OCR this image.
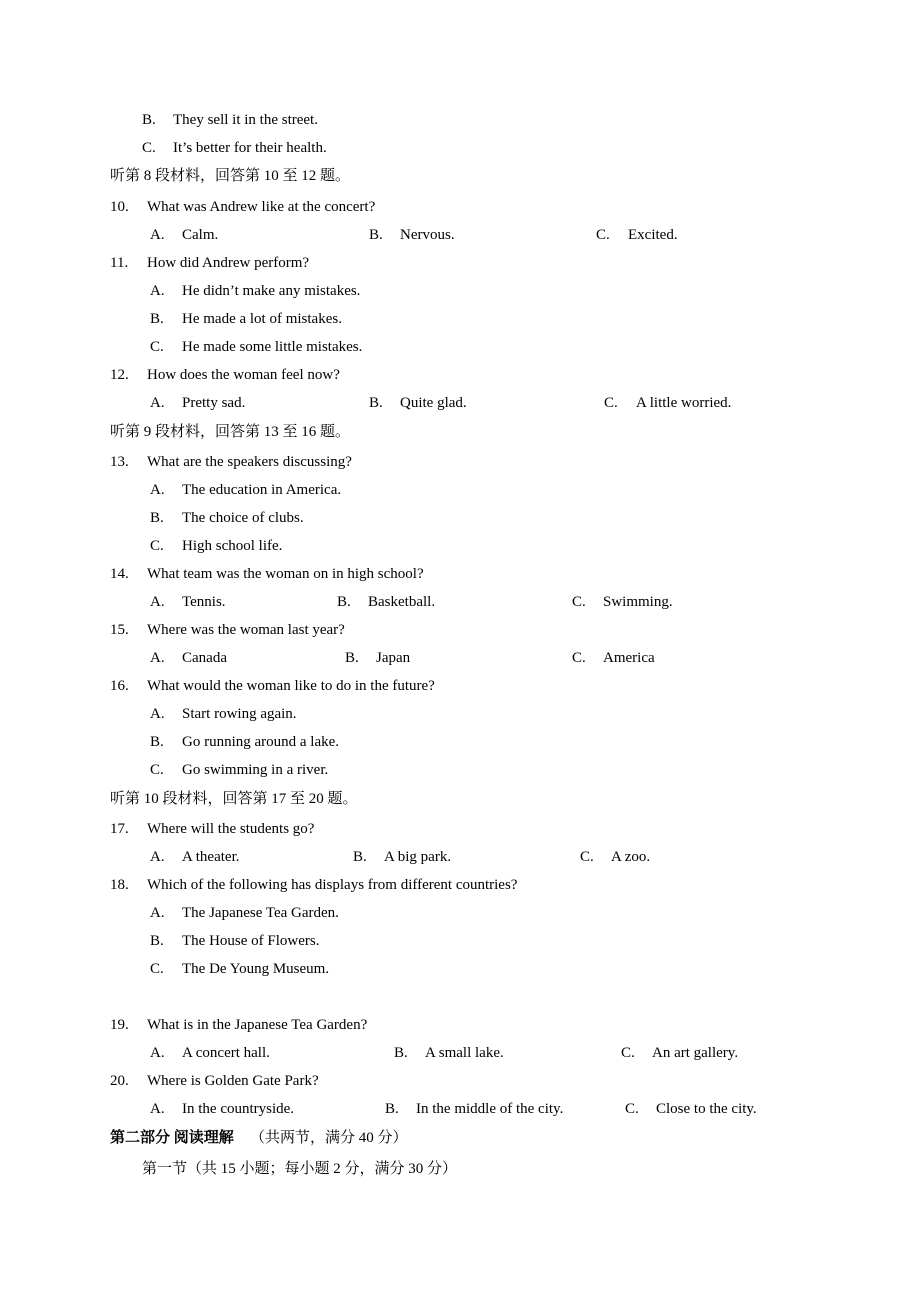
B. They sell it in the street.
C. It’s better for their health.
听第 8 段材料，回答第 10 至 12 题。
10. What was Andrew like at the concert?
A. Calm.	B. Nervous.	C. Excited.
11. How did Andrew perform?
A. He didn’t make any mistakes.
B. He made a lot of mistakes.
C. He made some little mistakes.
12. How does the woman feel now?
A. Pretty sad.	B. Quite glad.	C. A little worried.
听第 9 段材料，回答第 13 至 16 题。
13. What are the speakers discussing?
A. The education in America.
B. The choice of clubs.
C. High school life.
14. What team was the woman on in high school?
A. Tennis.	B. Basketball.	C. Swimming.
15. Where was the woman last year?
A. Canada	B. Japan	C. America
16. What would the woman like to do in the future?
A. Start rowing again.
B. Go running around a lake.
C. Go swimming in a river.
听第 10 段材料，回答第 17 至 20 题。
17. Where will the students go?
A. A theater.	B. A big park.	C. A zoo.
18. Which of the following has displays from different countries?
A. The Japanese Tea Garden.
B. The House of Flowers.
C. The De Young Museum.
19. What is in the Japanese Tea Garden?
A. A concert hall.	B. A small lake.	C. An art gallery.
20. Where is Golden Gate Park?
A. In the countryside.	B. In the middle of the city.	C. Close to the city.
第二部分 阅读理解 （共两节，满分 40 分）
第一节（共 15 小题；每小题 2 分，满分 30 分）
